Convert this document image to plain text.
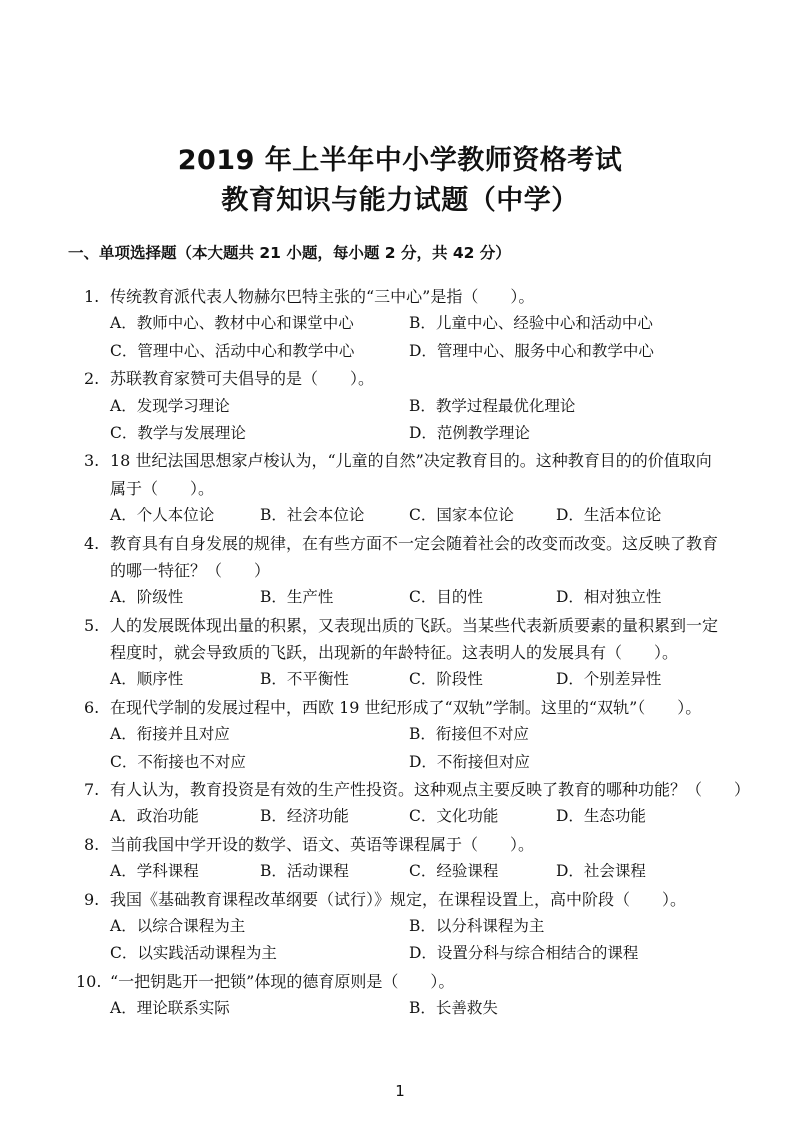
2019 年上半年中小学教师资格考试
教育知识与能力试题（中学）
一、单项选择题（本大题共 21 小题，每小题 2 分，共 42 分）
1. 传统教育派代表人物赫尔巴特主张的“三中心”是指（　　）。
A．教师中心、教材中心和课堂中心	B．儿童中心、经验中心和活动中心
C．管理中心、活动中心和教学中心	D．管理中心、服务中心和教学中心
2. 苏联教育家赞可夫倡导的是（　　）。
A．发现学习理论	B．教学过程最优化理论
C．教学与发展理论	D．范例教学理论
3. 18 世纪法国思想家卢梭认为，“儿童的自然”决定教育目的。这种教育目的的价值取向
属于（　　）。
A．个人本位论	B．社会本位论	C．国家本位论	D．生活本位论
4. 教育具有自身发展的规律，在有些方面不一定会随着社会的改变而改变。这反映了教育
的哪一特征？（　　）
A．阶级性	B．生产性	C．目的性	D．相对独立性
5. 人的发展既体现出量的积累，又表现出质的飞跃。当某些代表新质要素的量积累到一定
程度时，就会导致质的飞跃，出现新的年龄特征。这表明人的发展具有（　　）。
A．顺序性	B．不平衡性	C．阶段性	D．个别差异性
6. 在现代学制的发展过程中，西欧 19 世纪形成了“双轨”学制。这里的“双轨”（　　）。
A．衔接并且对应	B．衔接但不对应
C．不衔接也不对应	D．不衔接但对应
7. 有人认为，教育投资是有效的生产性投资。这种观点主要反映了教育的哪种功能？（　　）
A．政治功能	B．经济功能	C．文化功能	D．生态功能
8. 当前我国中学开设的数学、语文、英语等课程属于（　　）。
A．学科课程	B．活动课程	C．经验课程	D．社会课程
9. 我国《基础教育课程改革纲要（试行）》规定，在课程设置上，高中阶段（　　）。
A．以综合课程为主	B．以分科课程为主
C．以实践活动课程为主	D．设置分科与综合相结合的课程
10. “一把钥匙开一把锁”体现的德育原则是（　　）。
A．理论联系实际	B．长善救失
1
